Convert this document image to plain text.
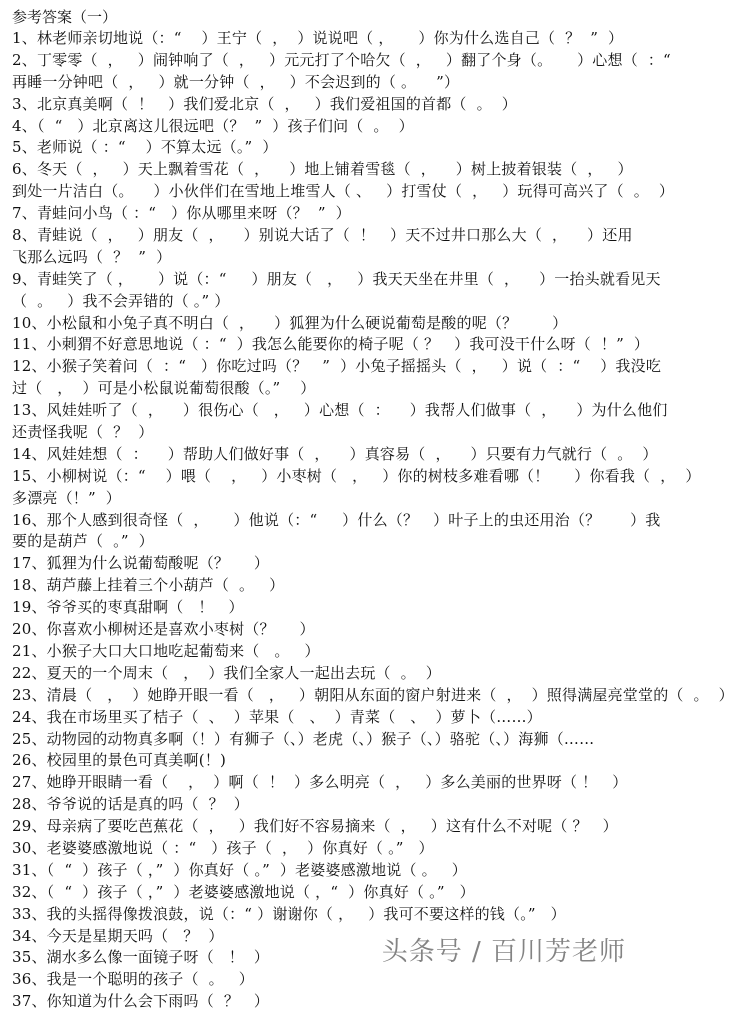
参考答案（一）
1、林老师亲切地说（：“    ）王宁（  ，  ）说说吧（ ，     ）你为什么选自己（  ？  ”  ）
2、丁零零（  ，   ）闹钟响了（  ，   ）元元打了个哈欠（  ，   ）翻了个身（。     ）心想（  ：“
再睡一分钟吧（  ，   ）就一分钟（  ，   ）不会迟到的（ 。    ”）
3、北京真美啊（  ！   ）我们爱北京（  ，   ）我们爱祖国的首都（  。  ）
4、（  “   ）北京离这儿很远吧（？  ”  ）孩子们问（  。  ）
5、老师说（ ：“    ）不算太远（。”  ）
6、冬天（  ，   ）天上飘着雪花（  ，    ）地上铺着雪毯（  ，    ）树上披着银装（  ，   ）
到处一片洁白（。    ）小伙伴们在雪地上堆雪人（ 、   ）打雪仗（  ，   ）玩得可高兴了（  。  ）
7、青蛙问小鸟（ ：“   ）你从哪里来呀（？  ”  ）
8、青蛙说（  ，   ）朋友（  ，    ）别说大话了（  ！   ）天不过井口那么大（  ，    ）还用
飞那么远吗（  ？  ”  ）
9、青蛙笑了（ ，     ）说（：“     ）朋友（   ，   ）我天天坐在井里（  ，    ）一抬头就看见天
（  。   ）我不会弄错的（ 。” ）
10、小松鼠和小兔子真不明白（  ，    ）狐狸为什么硬说葡萄是酸的呢（？       ）
11、小刺猬不好意思地说（ ：“  ）我怎么能要你的椅子呢（ ？   ）我可没干什么呀（  ！”  ）
12、小猴子笑着问（  ：“   ）你吃过吗（？   ”  ）小兔子摇摇头（  ，   ）说（  ：“    ）我没吃
过（   ，  ）可是小松鼠说葡萄很酸（。”    ）
13、风娃娃听了（  ，    ）很伤心（   ，   ）心想（  ：    ）我帮人们做事（  ，    ）为什么他们
还责怪我呢（  ？  ）
14、风娃娃想（  ：    ）帮助人们做好事（  ，    ）真容易（  ，    ）只要有力气就行（  。  ）
15、小柳树说（：“    ）喂（    ，   ）小枣树（   ，   ）你的树枝多难看哪（！     ）你看我（  ，  ）
多漂亮（！”  ）
16、那个人感到很奇怪（  ，     ）他说（：“     ）什么（？   ）叶子上的虫还用治（？      ）我
要的是葫芦（  。”  ）
17、狐狸为什么说葡萄酸呢（？     ）
18、葫芦藤上挂着三个小葫芦（  。   ）
19、爷爷买的枣真甜啊（   ！   ）
20、你喜欢小柳树还是喜欢小枣树（？     ）
21、小猴子大口大口地吃起葡萄来（   。   ）
22、夏天的一个周末（   ，  ）我们全家人一起出去玩（  。  ）
23、清晨（   ，  ）她睁开眼一看（   ，   ）朝阳从东面的窗户射进来（  ，  ）照得满屋亮堂堂的（  。  ）
24、我在市场里买了桔子（  、  ）苹果（   、  ）青菜（   、  ）萝卜（……）
25、动物园的动物真多啊（！）有狮子（、）老虎（、）猴子（、）骆驼（、）海狮（……
26、校园里的景色可真美啊(！)
27、她睁开眼睛一看（    ，  ）啊（  ！  ）多么明亮（  ，   ）多么美丽的世界呀（ ！   ）
28、爷爷说的话是真的吗（  ？  ）
29、母亲病了要吃芭蕉花（  ，   ）我们好不容易摘来（  ，   ）这有什么不对呢（ ？   ）
30、老婆婆感激地说（ ：“   ）孩子（  ，  ）你真好（ 。”   ）
31、（  “  ）孩子（ ，”  ）你真好（ 。”  ）老婆婆感激地说（ 。   ）
32、（  “  ）孩子（ ，”  ）老婆婆感激地说（ ，“  ）你真好（ 。”   ）
33、我的头摇得像拨浪鼓，说（：“ ）谢谢你（ ，   ）我可不要这样的钱（。”   ）
34、今天是星期天吗（   ？  ）
35、湖水多么像一面镜子呀（   ！  ）
36、我是一个聪明的孩子（  。   ）
37、你知道为什么会下雨吗（  ？   ）
头条号 / 百川芳老师
